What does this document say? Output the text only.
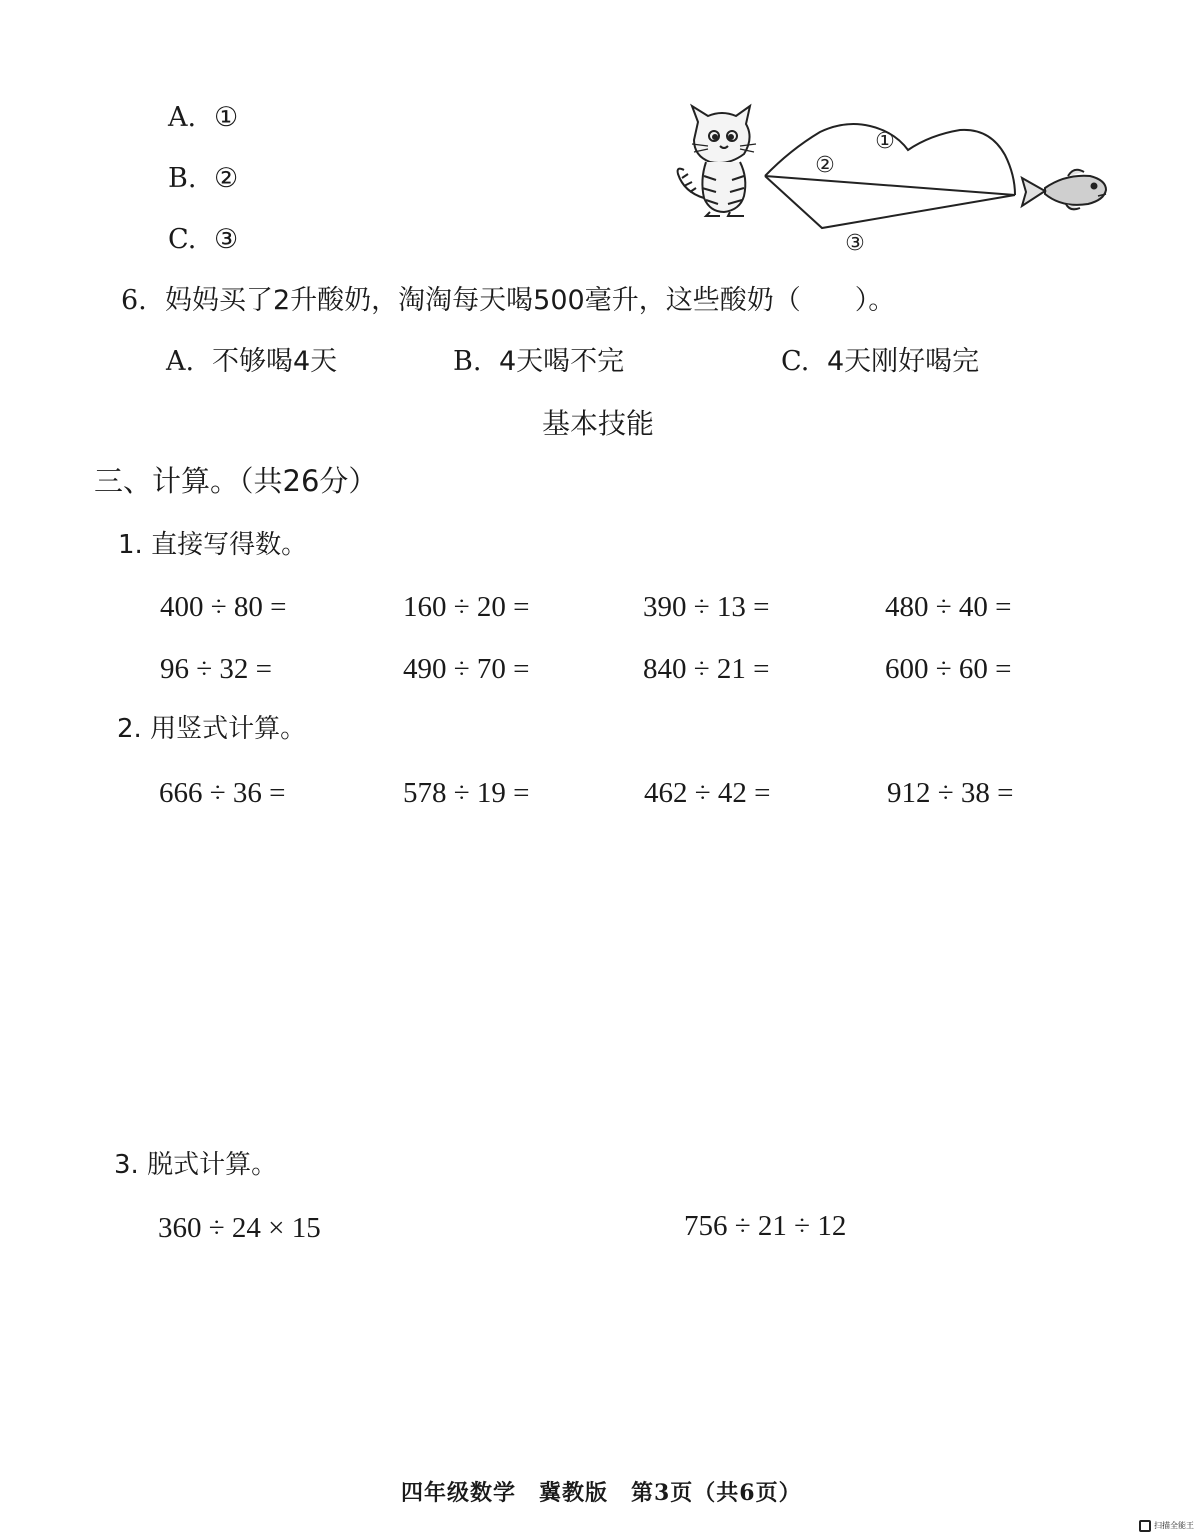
A. ①
B. ②
C. ③
①
②
③
6. 妈妈买了2升酸奶，淘淘每天喝500毫升，这些酸奶（　　）。
A. 不够喝4天	B. 4天喝不完	C. 4天刚好喝完
基本技能
三、计算。（共26分）
1. 直接写得数。
400 ÷ 80 =	160 ÷ 20 =	390 ÷ 13 =	480 ÷ 40 =
96 ÷ 32 =	490 ÷ 70 =	840 ÷ 21 =	600 ÷ 60 =
2. 用竖式计算。
666 ÷ 36 =	578 ÷ 19 =	462 ÷ 42 =	912 ÷ 38 =
3. 脱式计算。
360 ÷ 24 × 15	756 ÷ 21 ÷ 12
四年级数学　冀教版　第3页（共6页）
扫描全能王
